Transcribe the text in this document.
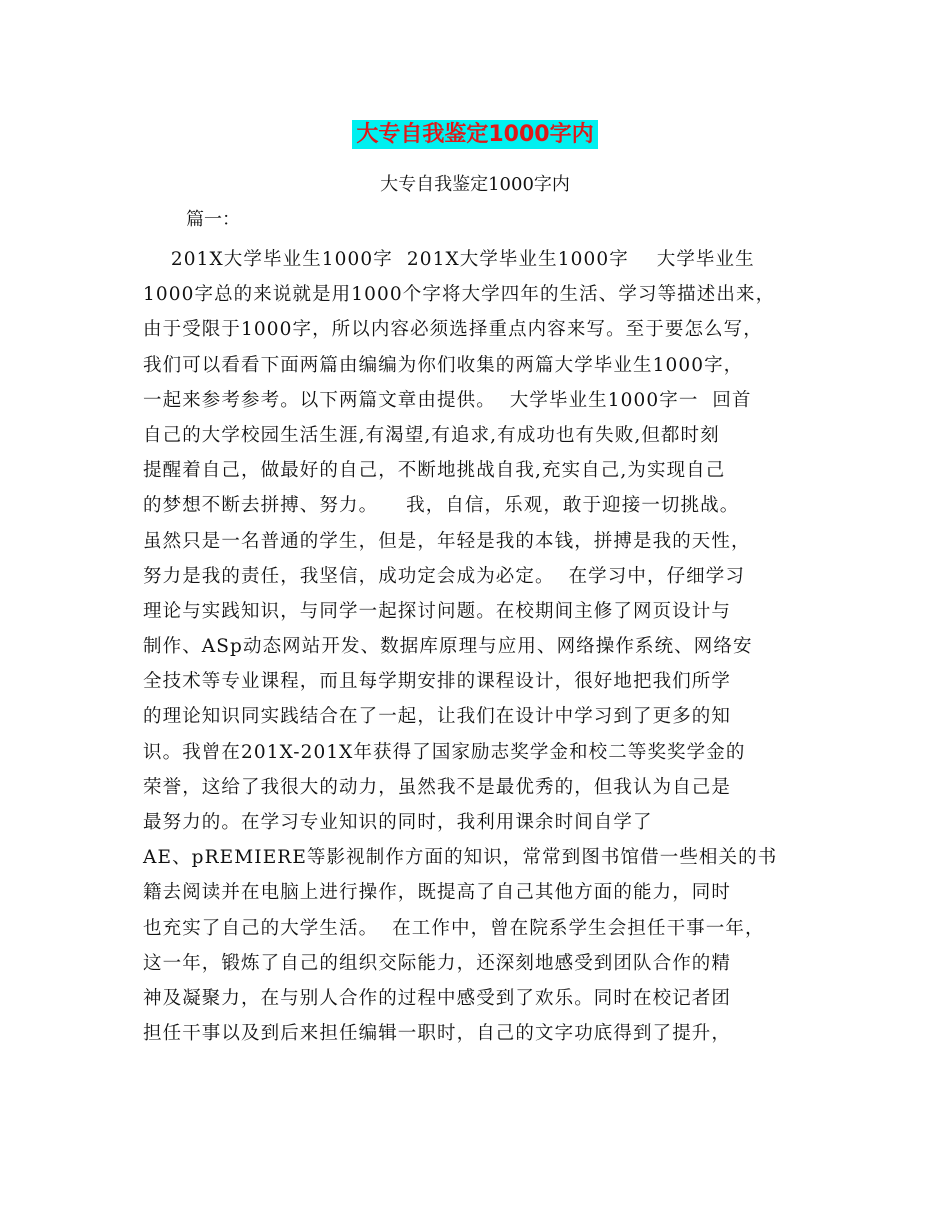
大专自我鉴定1000字内

大专自我鉴定1000字内

篇一：

201X大学毕业生1000字  201X大学毕业生1000字    大学毕业生
1000字总的来说就是用1000个字将大学四年的生活、学习等描述出来，
由于受限于1000字，所以内容必须选择重点内容来写。至于要怎么写，
我们可以看看下面两篇由编编为你们收集的两篇大学毕业生1000字，
一起来参考参考。以下两篇文章由提供。  大学毕业生1000字一  回首
自己的大学校园生活生涯,有渴望,有追求,有成功也有失败,但都时刻
提醒着自己，做最好的自己，不断地挑战自我,充实自己,为实现自己
的梦想不断去拼搏、努力。    我，自信，乐观，敢于迎接一切挑战。
虽然只是一名普通的学生，但是，年轻是我的本钱，拼搏是我的天性，
努力是我的责任，我坚信，成功定会成为必定。  在学习中，仔细学习
理论与实践知识，与同学一起探讨问题。在校期间主修了网页设计与
制作、ASp动态网站开发、数据库原理与应用、网络操作系统、网络安
全技术等专业课程，而且每学期安排的课程设计，很好地把我们所学
的理论知识同实践结合在了一起，让我们在设计中学习到了更多的知
识。我曾在201X-201X年获得了国家励志奖学金和校二等奖奖学金的
荣誉，这给了我很大的动力，虽然我不是最优秀的，但我认为自己是
最努力的。在学习专业知识的同时，我利用课余时间自学了
AE、pREMIERE等影视制作方面的知识，常常到图书馆借一些相关的书
籍去阅读并在电脑上进行操作，既提高了自己其他方面的能力，同时
也充实了自己的大学生活。  在工作中，曾在院系学生会担任干事一年，
这一年，锻炼了自己的组织交际能力，还深刻地感受到团队合作的精
神及凝聚力，在与别人合作的过程中感受到了欢乐。同时在校记者团
担任干事以及到后来担任编辑一职时，自己的文字功底得到了提升，
